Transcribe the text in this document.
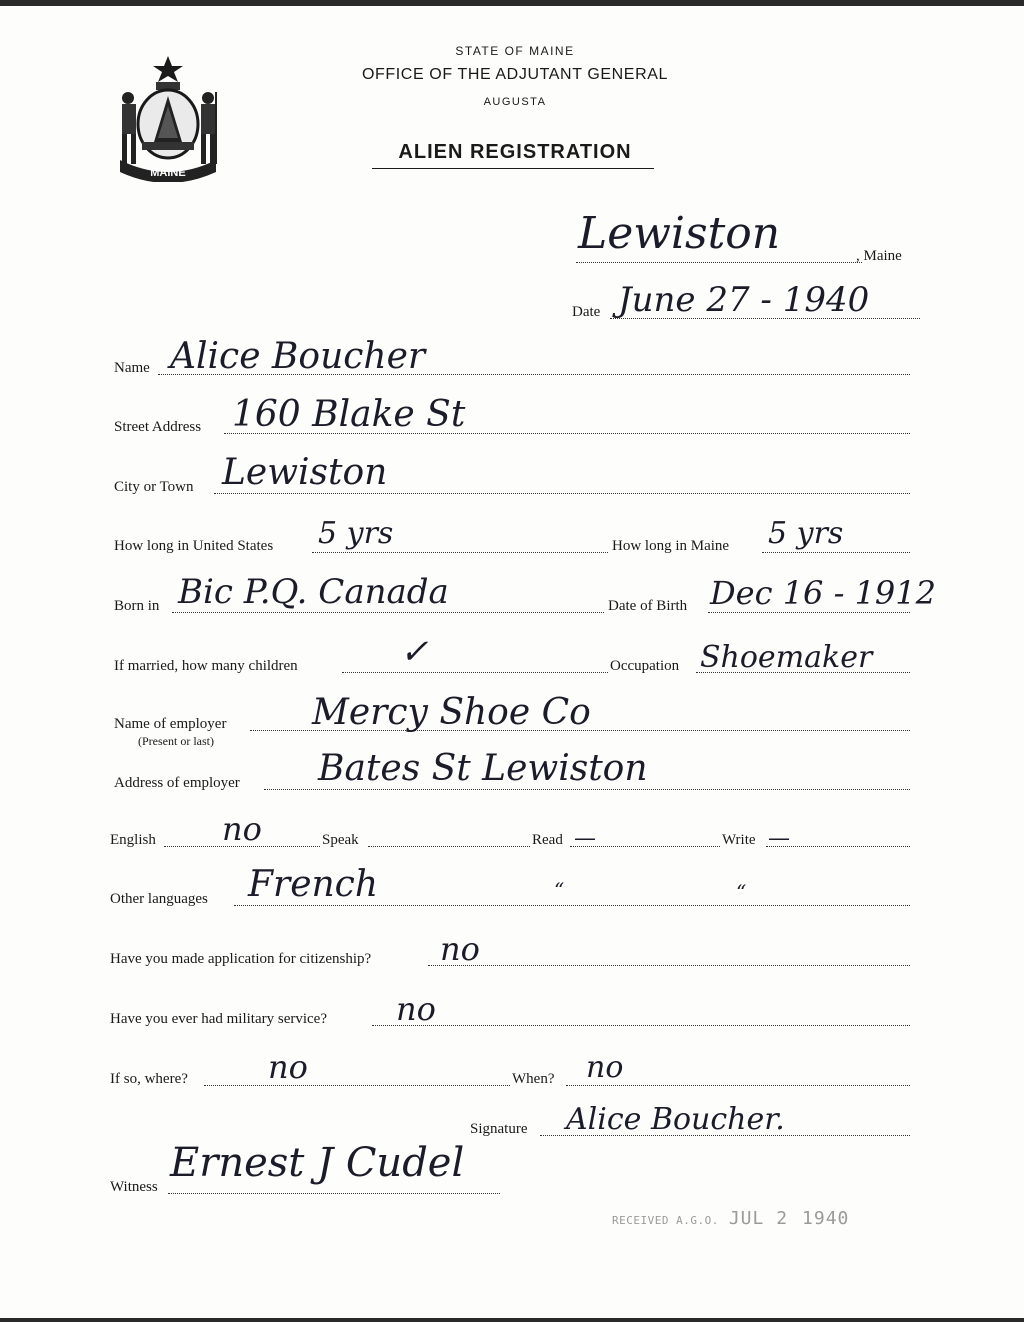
MAINE
STATE OF MAINE
OFFICE OF THE ADJUTANT GENERAL
AUGUSTA
ALIEN REGISTRATION
Lewiston	, Maine
Date June 27 - 1940
Name Alice Boucher
Street Address 160 Blake St
City or Town Lewiston
How long in United States 5 yrs	How long in Maine 5 yrs
Born in Bic P.Q. Canada	Date of Birth Dec 16 - 1912
If married, how many children	✓	Occupation Shoemaker
Name of employer
(Present or last)
Mercy Shoe Co
Address of employer Bates St Lewiston
English no	Speak	Read —	Write —
Other languages French	“	“
Have you made application for citizenship? no
Have you ever had military service? no
If so, where?	no	When? no
Signature Alice Boucher.
Witness
Ernest J Cudel
RECEIVED A.G.O. JUL 2 1940
